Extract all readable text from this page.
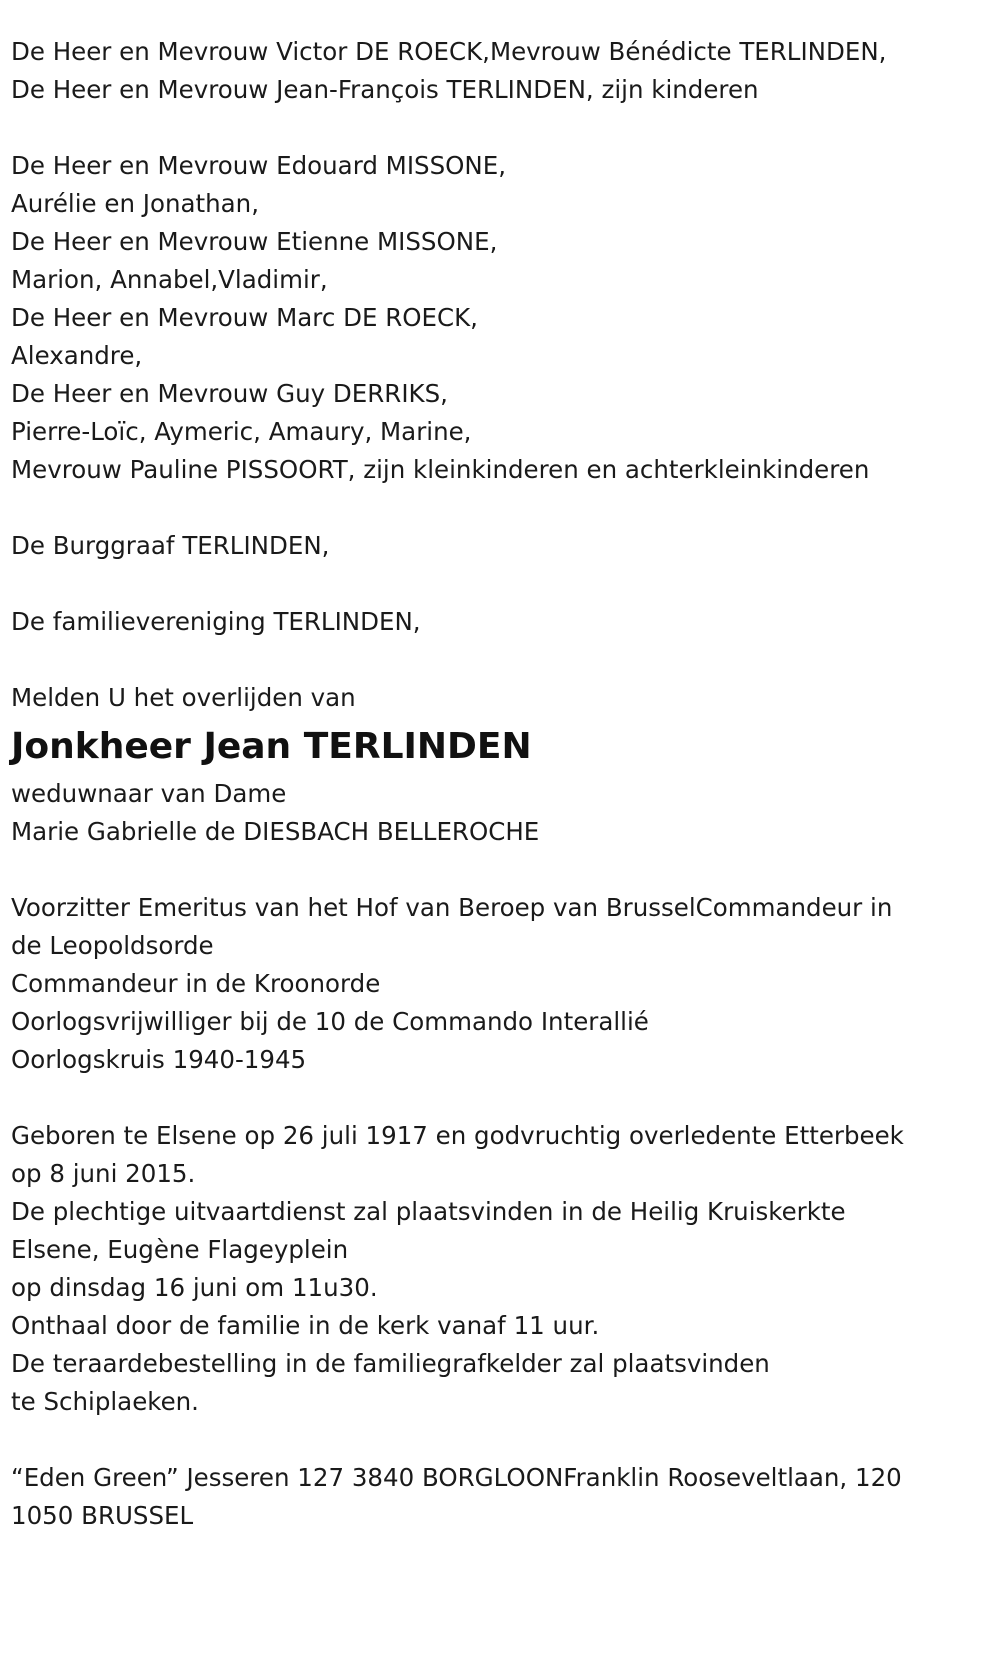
De Heer en Mevrouw Victor DE ROECK,Mevrouw Bénédicte TERLINDEN,
De Heer en Mevrouw Jean-François TERLINDEN, zijn kinderen
De Heer en Mevrouw Edouard MISSONE,
Aurélie en Jonathan,
De Heer en Mevrouw Etienne MISSONE,
Marion, Annabel,Vladimir,
De Heer en Mevrouw Marc DE ROECK,
Alexandre,
De Heer en Mevrouw Guy DERRIKS,
Pierre-Loïc, Aymeric, Amaury, Marine,
Mevrouw Pauline PISSOORT, zijn kleinkinderen en achterkleinkinderen
De Burggraaf TERLINDEN,
De familievereniging TERLINDEN,
Melden U het overlijden van
Jonkheer Jean TERLINDEN
weduwnaar van Dame
Marie Gabrielle de DIESBACH BELLEROCHE
Voorzitter Emeritus van het Hof van Beroep van BrusselCommandeur in
de Leopoldsorde
Commandeur in de Kroonorde
Oorlogsvrijwilliger bij de 10 de Commando Interallié
Oorlogskruis 1940-1945
Geboren te Elsene op 26 juli 1917 en godvruchtig overledente Etterbeek
op 8 juni 2015.
De plechtige uitvaartdienst zal plaatsvinden in de Heilig Kruiskerkte
Elsene, Eugène Flageyplein
op dinsdag 16 juni om 11u30.
Onthaal door de familie in de kerk vanaf 11 uur.
De teraardebestelling in de familiegrafkelder zal plaatsvinden
te Schiplaeken.
“Eden Green” Jesseren 127 3840 BORGLOONFranklin Rooseveltlaan, 120
1050 BRUSSEL
